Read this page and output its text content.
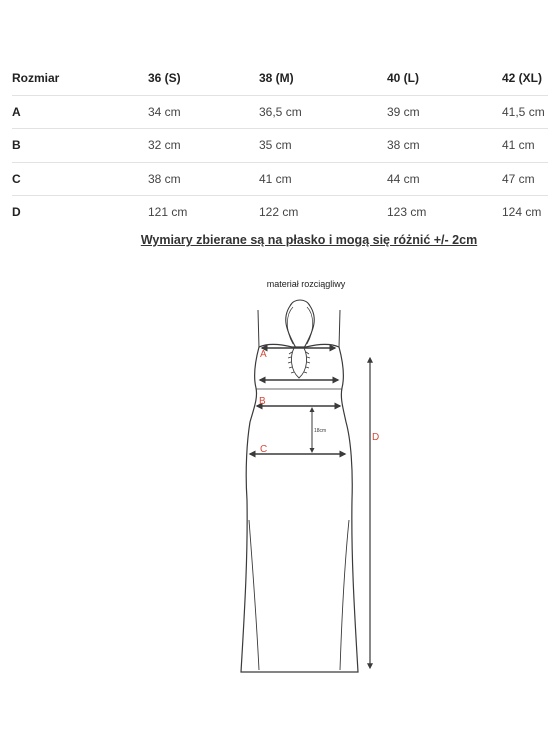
Rozmiar	36 (S)	38 (M)	40 (L)	42 (XL)
A	34 cm	36,5 cm	39 cm	41,5 cm
B	32 cm	35 cm	38 cm	41 cm
C	38 cm	41 cm	44 cm	47 cm
D	121 cm	122 cm	123 cm	124 cm
Wymiary zbierane są na płasko i mogą się różnić +/- 2cm
materiał rozciągliwy
A
B
18cm
C
D
